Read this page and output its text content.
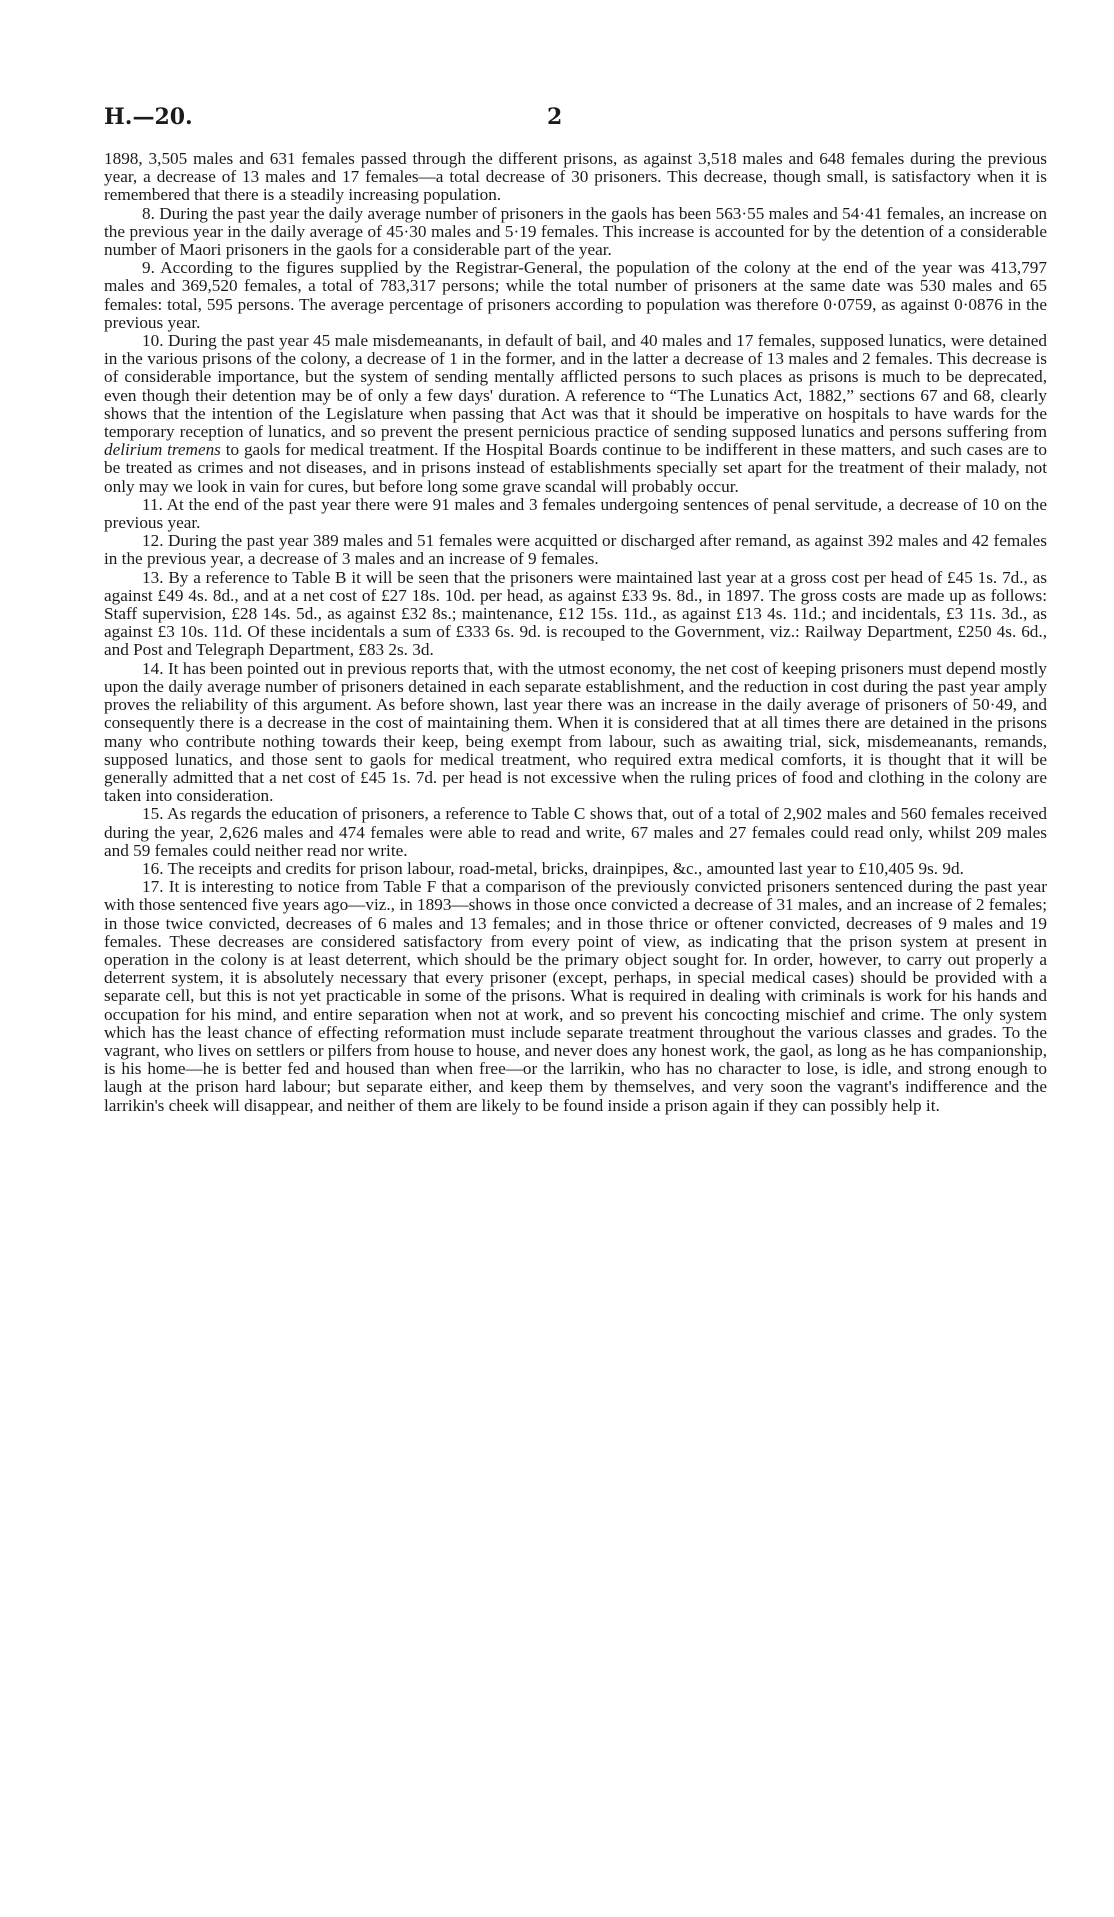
H.—20.	2

1898, 3,505 males and 631 females passed through the different prisons, as against 3,518 males and 648 females during the previous year, a decrease of 13 males and 17 females—a total decrease of 30 prisoners. This decrease, though small, is satisfactory when it is remembered that there is a steadily increasing population.

8. During the past year the daily average number of prisoners in the gaols has been 563·55 males and 54·41 females, an increase on the previous year in the daily average of 45·30 males and 5·19 females. This increase is accounted for by the detention of a considerable number of Maori prisoners in the gaols for a considerable part of the year.

9. According to the figures supplied by the Registrar-General, the population of the colony at the end of the year was 413,797 males and 369,520 females, a total of 783,317 persons; while the total number of prisoners at the same date was 530 males and 65 females: total, 595 persons. The average percentage of prisoners according to population was therefore 0·0759, as against 0·0876 in the previous year.

10. During the past year 45 male misdemeanants, in default of bail, and 40 males and 17 females, supposed lunatics, were detained in the various prisons of the colony, a decrease of 1 in the former, and in the latter a decrease of 13 males and 2 females. This decrease is of considerable importance, but the system of sending mentally afflicted persons to such places as prisons is much to be deprecated, even though their detention may be of only a few days' duration. A reference to “The Lunatics Act, 1882,” sections 67 and 68, clearly shows that the intention of the Legislature when passing that Act was that it should be imperative on hospitals to have wards for the temporary reception of lunatics, and so prevent the present pernicious practice of sending supposed lunatics and persons suffering from delirium tremens to gaols for medical treatment. If the Hospital Boards continue to be indifferent in these matters, and such cases are to be treated as crimes and not diseases, and in prisons instead of establishments specially set apart for the treatment of their malady, not only may we look in vain for cures, but before long some grave scandal will probably occur.

11. At the end of the past year there were 91 males and 3 females undergoing sentences of penal servitude, a decrease of 10 on the previous year.

12. During the past year 389 males and 51 females were acquitted or discharged after remand, as against 392 males and 42 females in the previous year, a decrease of 3 males and an increase of 9 females.

13. By a reference to Table B it will be seen that the prisoners were maintained last year at a gross cost per head of £45 1s. 7d., as against £49 4s. 8d., and at a net cost of £27 18s. 10d. per head, as against £33 9s. 8d., in 1897. The gross costs are made up as follows: Staff supervision, £28 14s. 5d., as against £32 8s.; maintenance, £12 15s. 11d., as against £13 4s. 11d.; and incidentals, £3 11s. 3d., as against £3 10s. 11d. Of these incidentals a sum of £333 6s. 9d. is recouped to the Government, viz.: Railway Department, £250 4s. 6d., and Post and Telegraph Department, £83 2s. 3d.

14. It has been pointed out in previous reports that, with the utmost economy, the net cost of keeping prisoners must depend mostly upon the daily average number of prisoners detained in each separate establishment, and the reduction in cost during the past year amply proves the reliability of this argument. As before shown, last year there was an increase in the daily average of prisoners of 50·49, and consequently there is a decrease in the cost of maintaining them. When it is considered that at all times there are detained in the prisons many who contribute nothing towards their keep, being exempt from labour, such as awaiting trial, sick, misdemeanants, remands, supposed lunatics, and those sent to gaols for medical treatment, who required extra medical comforts, it is thought that it will be generally admitted that a net cost of £45 1s. 7d. per head is not excessive when the ruling prices of food and clothing in the colony are taken into consideration.

15. As regards the education of prisoners, a reference to Table C shows that, out of a total of 2,902 males and 560 females received during the year, 2,626 males and 474 females were able to read and write, 67 males and 27 females could read only, whilst 209 males and 59 females could neither read nor write.

16. The receipts and credits for prison labour, road-metal, bricks, drainpipes, &c., amounted last year to £10,405 9s. 9d.

17. It is interesting to notice from Table F that a comparison of the previously convicted prisoners sentenced during the past year with those sentenced five years ago—viz., in 1893—shows in those once convicted a decrease of 31 males, and an increase of 2 females; in those twice convicted, decreases of 6 males and 13 females; and in those thrice or oftener convicted, decreases of 9 males and 19 females. These decreases are considered satisfactory from every point of view, as indicating that the prison system at present in operation in the colony is at least deterrent, which should be the primary object sought for. In order, however, to carry out properly a deterrent system, it is absolutely necessary that every prisoner (except, perhaps, in special medical cases) should be provided with a separate cell, but this is not yet practicable in some of the prisons. What is required in dealing with criminals is work for his hands and occupation for his mind, and entire separation when not at work, and so prevent his concocting mischief and crime. The only system which has the least chance of effecting reformation must include separate treatment throughout the various classes and grades. To the vagrant, who lives on settlers or pilfers from house to house, and never does any honest work, the gaol, as long as he has companionship, is his home—he is better fed and housed than when free—or the larrikin, who has no character to lose, is idle, and strong enough to laugh at the prison hard labour; but separate either, and keep them by themselves, and very soon the vagrant's indifference and the larrikin's cheek will disappear, and neither of them are likely to be found inside a prison again if they can possibly help it.
